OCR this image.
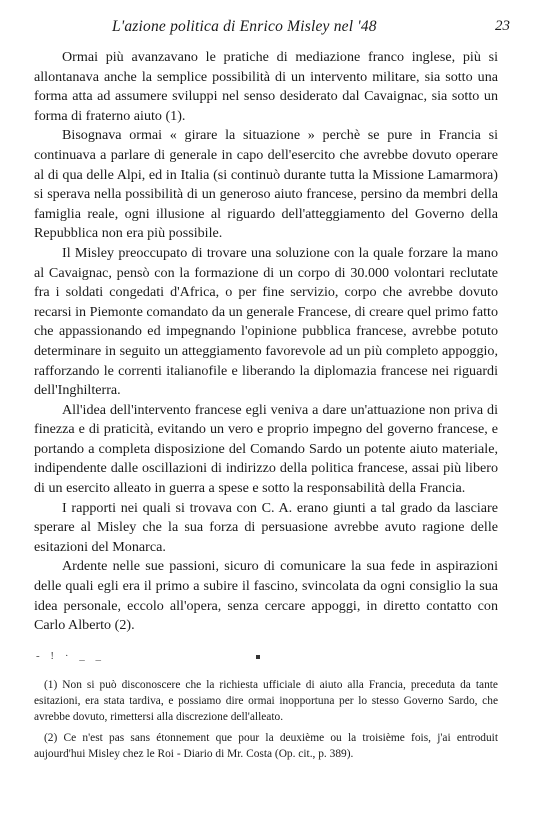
L'azione politica di Enrico Misley nel '48	23

Ormai più avanzavano le pratiche di mediazione franco inglese, più si allontanava anche la semplice possibilità di un intervento militare, sia sotto una forma atta ad assumere sviluppi nel senso desiderato dal Cavaignac, sia sotto un forma di fraterno aiuto (1).

Bisognava ormai « girare la situazione » perchè se pure in Francia si continuava a parlare di generale in capo dell'esercito che avrebbe dovuto operare al di qua delle Alpi, ed in Italia (si continuò durante tutta la Missione Lamarmora) si sperava nella possibilità di un generoso aiuto francese, persino da membri della famiglia reale, ogni illusione al riguardo dell'atteggiamento del Governo della Repubblica non era più possibile.

Il Misley preoccupato di trovare una soluzione con la quale forzare la mano al Cavaignac, pensò con la formazione di un corpo di 30.000 volontari reclutate fra i soldati congedati d'Africa, o per fine servizio, corpo che avrebbe dovuto recarsi in Piemonte comandato da un generale Francese, di creare quel primo fatto che appassionando ed impegnando l'opinione pubblica francese, avrebbe potuto determinare in seguito un atteggiamento favorevole ad un più completo appoggio, rafforzando le correnti italianofile e liberando la diplomazia francese nei riguardi dell'Inghilterra.

All'idea dell'intervento francese egli veniva a dare un'attuazione non priva di finezza e di praticità, evitando un vero e proprio impegno del governo francese, e portando a completa disposizione del Comando Sardo un potente aiuto materiale, indipendente dalle oscillazioni di indirizzo della politica francese, assai più libero di un esercito alleato in guerra a spese e sotto la responsabilità della Francia.

I rapporti nei quali si trovava con C. A. erano giunti a tal grado da lasciare sperare al Misley che la sua forza di persuasione avrebbe avuto ragione delle esitazioni del Monarca.

Ardente nelle sue passioni, sicuro di comunicare la sua fede in aspirazioni delle quali egli era il primo a subire il fascino, svincolata da ogni consiglio la sua idea personale, eccolo all'opera, senza cercare appoggi, in diretto contatto con Carlo Alberto (2).

- ! · _ _

(1) Non si può disconoscere che la richiesta ufficiale di aiuto alla Francia, preceduta da tante esitazioni, era stata tardiva, e possiamo dire ormai inopportuna per lo stesso Governo Sardo, che avrebbe dovuto, rimettersi alla discrezione dell'alleato.

(2) Ce n'est pas sans étonnement que pour la deuxième ou la troisième fois, j'ai entroduit aujourd'hui Misley chez le Roi - Diario di Mr. Costa (Op. cit., p. 389).
